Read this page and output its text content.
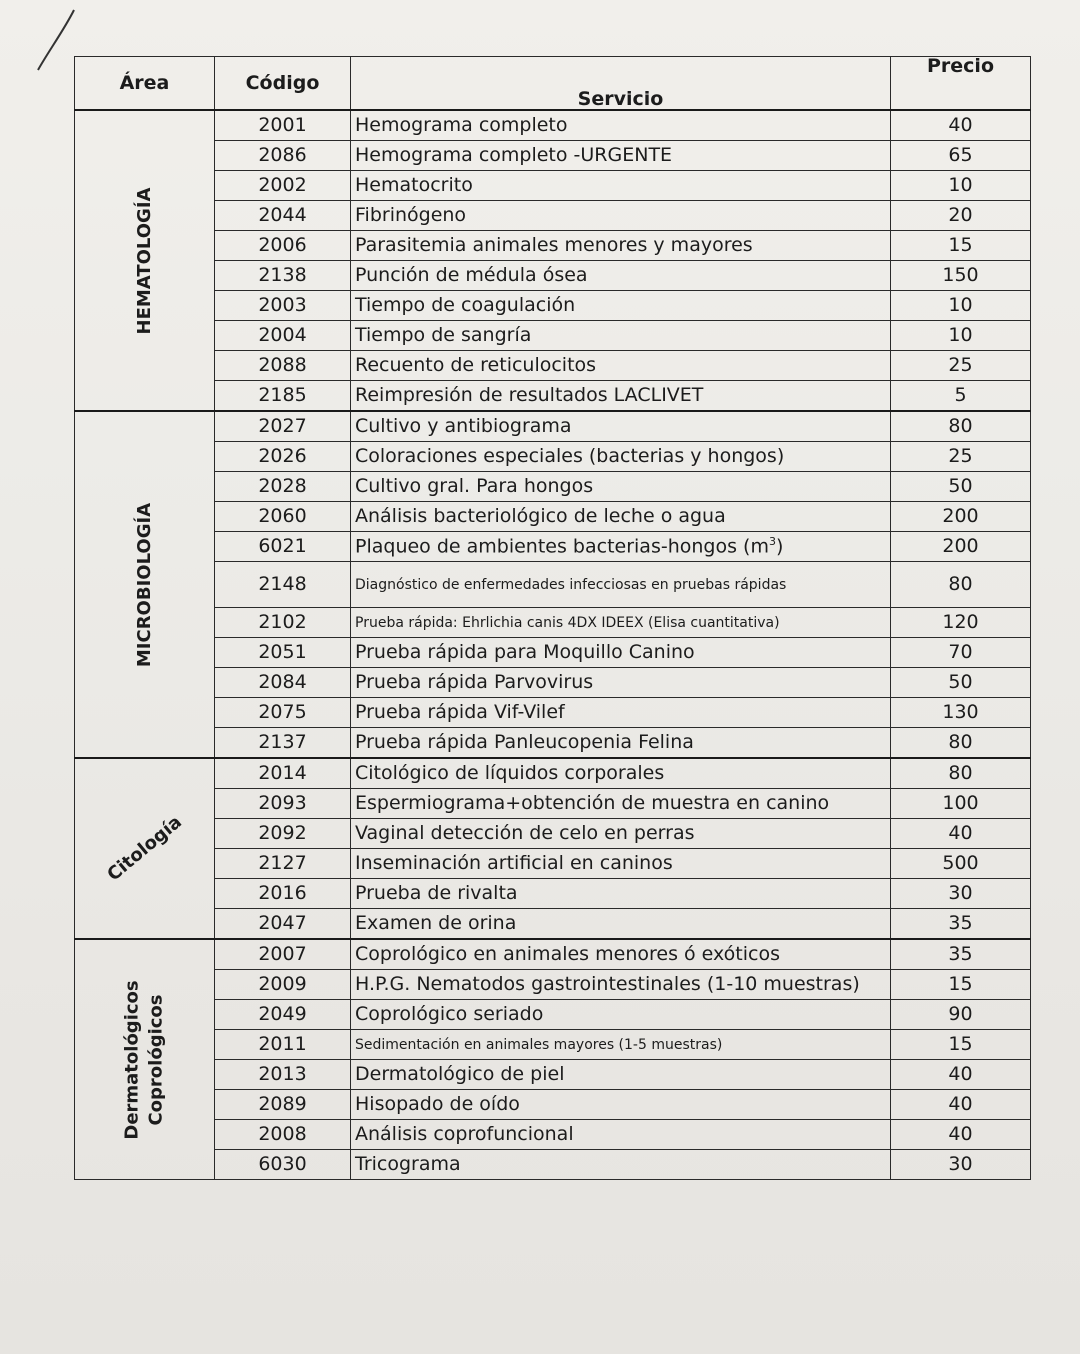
Área	Código	Servicio	Precio

HEMATOLOGÍA	2001	Hemograma completo	40
	2086	Hemograma completo -URGENTE	65
	2002	Hematocrito	10
	2044	Fibrinógeno	20
	2006	Parasitemia animales menores y mayores	15
	2138	Punción de médula ósea	150
	2003	Tiempo de coagulación	10
	2004	Tiempo de sangría	10
	2088	Recuento de reticulocitos	25
	2185	Reimpresión de resultados LACLIVET	5

MICROBIOLOGÍA	2027	Cultivo y antibiograma	80
	2026	Coloraciones especiales (bacterias y hongos)	25
	2028	Cultivo gral. Para hongos	50
	2060	Análisis bacteriológico de leche o agua	200
	6021	Plaqueo de ambientes bacterias-hongos $(m^3)$	200
	2148	Diagnóstico de enfermedades infecciosas en pruebas rápidas	80
	2102	Prueba rápida: Ehrlichia canis 4DX IDEEX (Elisa cuantitativa)	120
	2051	Prueba rápida para Moquillo Canino	70
	2084	Prueba rápida Parvovirus	50
	2075	Prueba rápida Vif-Vilef	130
	2137	Prueba rápida Panleucopenia Felina	80

Citología	2014	Citológico de líquidos corporales	80
	2093	Espermiograma+obtención de muestra en canino	100
	2092	Vaginal detección de celo en perras	40
	2127	Inseminación artificial en caninos	500
	2016	Prueba de rivalta	30
	2047	Examen de orina	35

Dermatológicos Coprológicos	2007	Coprológico en animales menores ó exóticos	35
	2009	H.P.G. Nematodos gastrointestinales (1-10 muestras)	15
	2049	Coprológico seriado	90
	2011	Sedimentación en animales mayores (1-5 muestras)	15
	2013	Dermatológico de piel	40
	2089	Hisopado de oído	40
	2008	Análisis coprofuncional	40
	6030	Tricograma	30
